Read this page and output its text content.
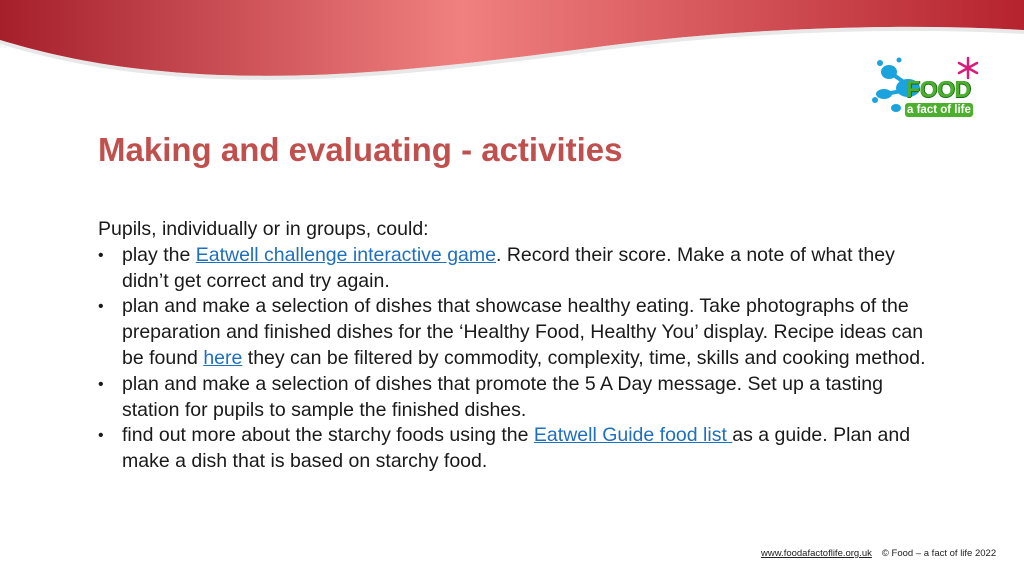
FOOD
a fact of life
Making and evaluating - activities

Pupils, individually or in groups, could:

• play the Eatwell challenge interactive game. Record their score. Make a note of what they didn’t get correct and try again.
• plan and make a selection of dishes that showcase healthy eating. Take photographs of the preparation and finished dishes for the ‘Healthy Food, Healthy You’ display. Recipe ideas can be found here they can be filtered by commodity, complexity, time, skills and cooking method.
• plan and make a selection of dishes that promote the 5 A Day message. Set up a tasting station for pupils to sample the finished dishes.
• find out more about the starchy foods using the Eatwell Guide food list as a guide. Plan and make a dish that is based on starchy food.
www.foodafactoflife.org.uk © Food – a fact of life 2022
